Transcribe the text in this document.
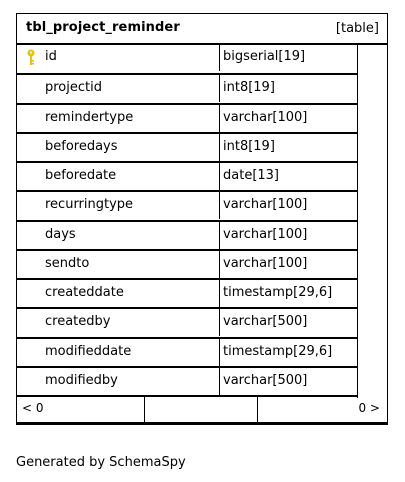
tbl_project_reminder	[table]
id	bigserial[19]
projectid	int8[19]
remindertype	varchar[100]
beforedays	int8[19]
beforedate	date[13]
recurringtype	varchar[100]
days	varchar[100]
sendto	varchar[100]
createddate	timestamp[29,6]
createdby	varchar[500]
modifieddate	timestamp[29,6]
modifiedby	varchar[500]
< 0	0 >
Generated by SchemaSpy
